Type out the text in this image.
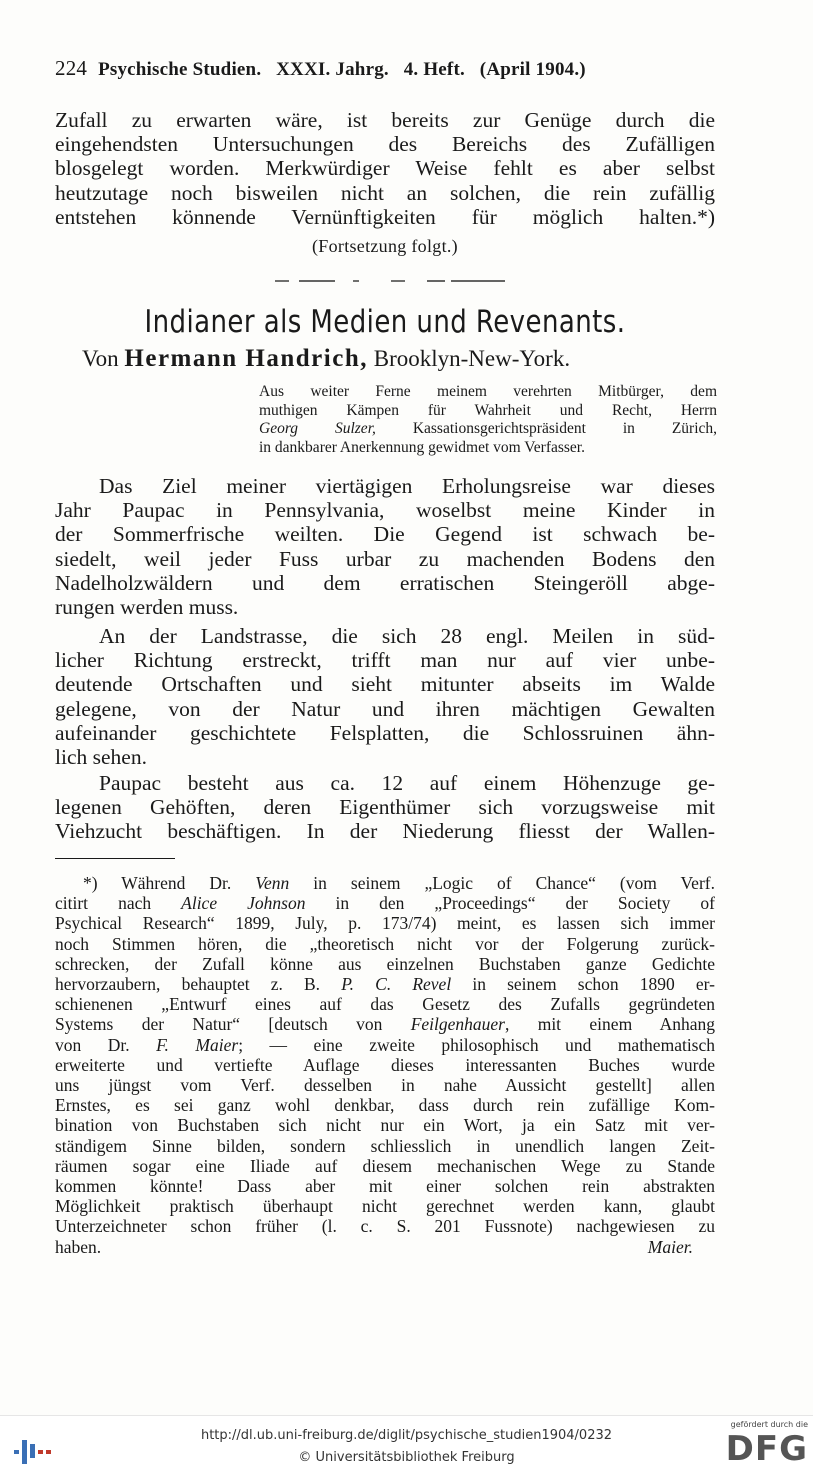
224 Psychische Studien. XXXI. Jahrg. 4. Heft. (April 1904.)
Zufall zu erwarten wäre, ist bereits zur Genüge durch die
eingehendsten Untersuchungen des Bereichs des Zufälligen
blosgelegt worden. Merkwürdiger Weise fehlt es aber selbst
heutzutage noch bisweilen nicht an solchen, die rein zufällig
entstehen könnende Vernünftigkeiten für möglich halten.*)
(Fortsetzung folgt.)
Indianer als Medien und Revenants.
Von Hermann Handrich, Brooklyn-New-York.
Aus weiter Ferne meinem verehrten Mitbürger, dem
muthigen Kämpen für Wahrheit und Recht, Herrn
Georg Sulzer, Kassationsgerichtspräsident in Zürich,
in dankbarer Anerkennung gewidmet vom Verfasser.
Das Ziel meiner viertägigen Erholungsreise war dieses
Jahr Paupac in Pennsylvania, woselbst meine Kinder in
der Sommerfrische weilten. Die Gegend ist schwach be-
siedelt, weil jeder Fuss urbar zu machenden Bodens den
Nadelholzwäldern und dem erratischen Steingeröll abge-
rungen werden muss.
An der Landstrasse, die sich 28 engl. Meilen in süd-
licher Richtung erstreckt, trifft man nur auf vier unbe-
deutende Ortschaften und sieht mitunter abseits im Walde
gelegene, von der Natur und ihren mächtigen Gewalten
aufeinander geschichtete Felsplatten, die Schlossruinen ähn-
lich sehen.
Paupac besteht aus ca. 12 auf einem Höhenzuge ge-
legenen Gehöften, deren Eigenthümer sich vorzugsweise mit
Viehzucht beschäftigen. In der Niederung fliesst der Wallen-
*) Während Dr. Venn in seinem „Logic of Chance“ (vom Verf.
citirt nach Alice Johnson in den „Proceedings“ der Society of
Psychical Research“ 1899, July, p. 173/74) meint, es lassen sich immer
noch Stimmen hören, die „theoretisch nicht vor der Folgerung zurück-
schrecken, der Zufall könne aus einzelnen Buchstaben ganze Gedichte
hervorzaubern, behauptet z. B. P. C. Revel in seinem schon 1890 er-
schienenen „Entwurf eines auf das Gesetz des Zufalls gegründeten
Systems der Natur“ [deutsch von Feilgenhauer, mit einem Anhang
von Dr. F. Maier; — eine zweite philosophisch und mathematisch
erweiterte und vertiefte Auflage dieses interessanten Buches wurde
uns jüngst vom Verf. desselben in nahe Aussicht gestellt] allen
Ernstes, es sei ganz wohl denkbar, dass durch rein zufällige Kom-
bination von Buchstaben sich nicht nur ein Wort, ja ein Satz mit ver-
ständigem Sinne bilden, sondern schliesslich in unendlich langen Zeit-
räumen sogar eine Iliade auf diesem mechanischen Wege zu Stande
kommen könnte! Dass aber mit einer solchen rein abstrakten
Möglichkeit praktisch überhaupt nicht gerechnet werden kann, glaubt
Unterzeichneter schon früher (l. c. S. 201 Fussnote) nachgewiesen zu
haben.	Maier.
http://dl.ub.uni-freiburg.de/diglit/psychische_studien1904/0232
© Universitätsbibliothek Freiburg
gefördert durch die
DFG
